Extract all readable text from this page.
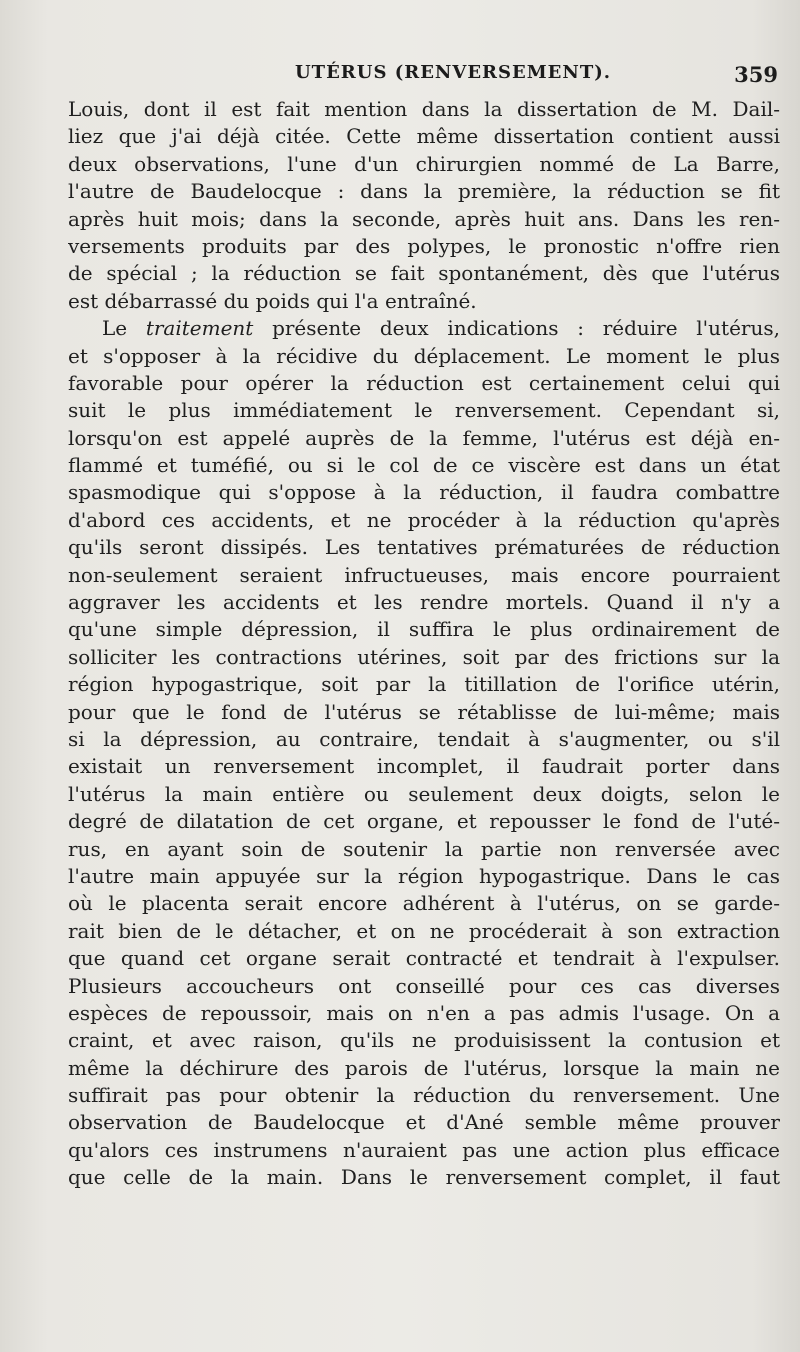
UTÉRUS (RENVERSEMENT).	359
Louis, dont il est fait mention dans la dissertation de M. Dail-
liez que j'ai déjà citée. Cette même dissertation contient aussi
deux observations, l'une d'un chirurgien nommé de La Barre,
l'autre de Baudelocque : dans la première, la réduction se fit
après huit mois; dans la seconde, après huit ans. Dans les ren-
versements produits par des polypes, le pronostic n'offre rien
de spécial ; la réduction se fait spontanément, dès que l'utérus
est débarrassé du poids qui l'a entraîné.
Le traitement présente deux indications : réduire l'utérus,
et s'opposer à la récidive du déplacement. Le moment le plus
favorable pour opérer la réduction est certainement celui qui
suit le plus immédiatement le renversement. Cependant si,
lorsqu'on est appelé auprès de la femme, l'utérus est déjà en-
flammé et tuméfié, ou si le col de ce viscère est dans un état
spasmodique qui s'oppose à la réduction, il faudra combattre
d'abord ces accidents, et ne procéder à la réduction qu'après
qu'ils seront dissipés. Les tentatives prématurées de réduction
non-seulement seraient infructueuses, mais encore pourraient
aggraver les accidents et les rendre mortels. Quand il n'y a
qu'une simple dépression, il suffira le plus ordinairement de
solliciter les contractions utérines, soit par des frictions sur la
région hypogastrique, soit par la titillation de l'orifice utérin,
pour que le fond de l'utérus se rétablisse de lui-même; mais
si la dépression, au contraire, tendait à s'augmenter, ou s'il
existait un renversement incomplet, il faudrait porter dans
l'utérus la main entière ou seulement deux doigts, selon le
degré de dilatation de cet organe, et repousser le fond de l'uté-
rus, en ayant soin de soutenir la partie non renversée avec
l'autre main appuyée sur la région hypogastrique. Dans le cas
où le placenta serait encore adhérent à l'utérus, on se garde-
rait bien de le détacher, et on ne procéderait à son extraction
que quand cet organe serait contracté et tendrait à l'expulser.
Plusieurs accoucheurs ont conseillé pour ces cas diverses
espèces de repoussoir, mais on n'en a pas admis l'usage. On a
craint, et avec raison, qu'ils ne produisissent la contusion et
même la déchirure des parois de l'utérus, lorsque la main ne
suffirait pas pour obtenir la réduction du renversement. Une
observation de Baudelocque et d'Ané semble même prouver
qu'alors ces instrumens n'auraient pas une action plus efficace
que celle de la main. Dans le renversement complet, il faut
